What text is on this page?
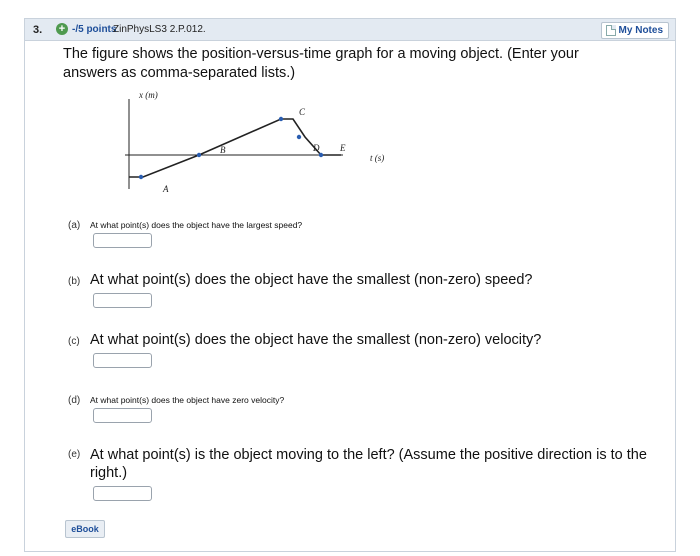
3. + -/5 points
ZinPhysLS3 2.P.012.	My Notes
The figure shows the position-versus-time graph for a moving object. (Enter your answers as comma-separated lists.)
x (m)
t (s)
A
B
C
D E
(a) At what point(s) does the object have the largest speed?
(b) At what point(s) does the object have the smallest (non-zero) speed?
(c) At what point(s) does the object have the smallest (non-zero) velocity?
(d) At what point(s) does the object have zero velocity?
(e) At what point(s) is the object moving to the left? (Assume the positive direction is to the right.)
eBook
